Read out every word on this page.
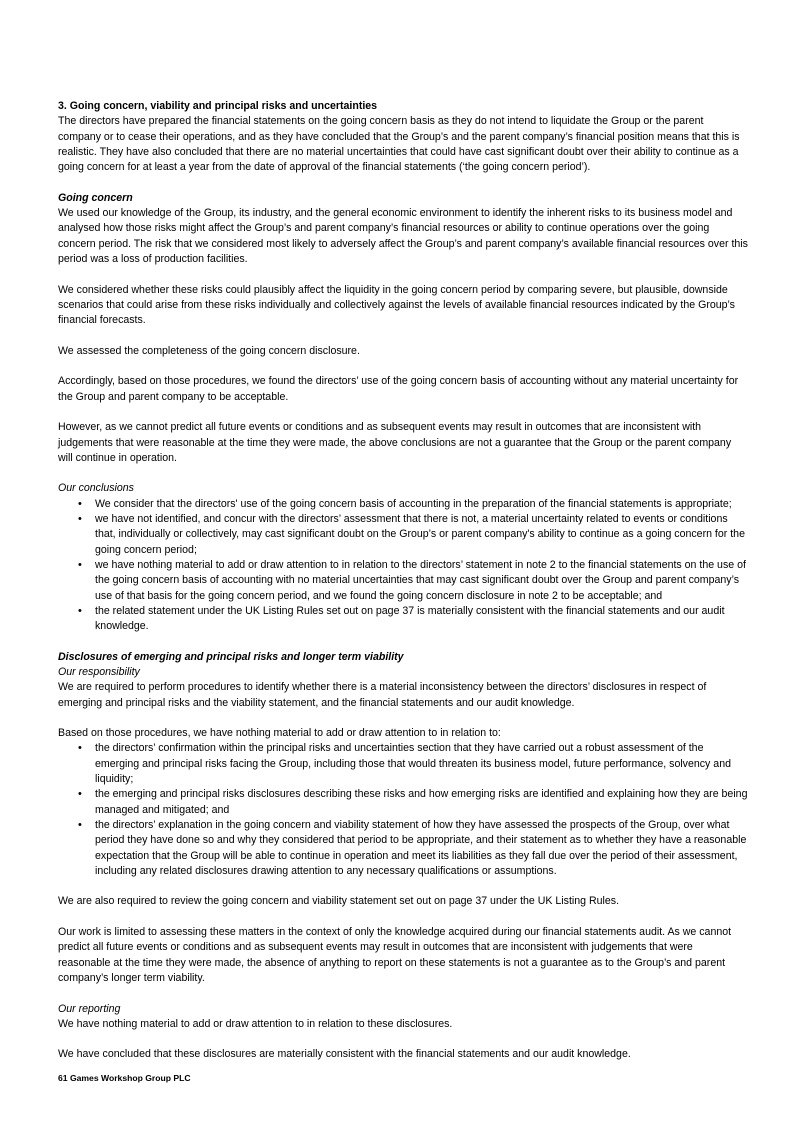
3. Going concern, viability and principal risks and uncertainties
The directors have prepared the financial statements on the going concern basis as they do not intend to liquidate the Group or the parent company or to cease their operations, and as they have concluded that the Group’s and the parent company’s financial position means that this is realistic. They have also concluded that there are no material uncertainties that could have cast significant doubt over their ability to continue as a going concern for at least a year from the date of approval of the financial statements (‘the going concern period’).

Going concern
We used our knowledge of the Group, its industry, and the general economic environment to identify the inherent risks to its business model and analysed how those risks might affect the Group’s and parent company’s financial resources or ability to continue operations over the going concern period. The risk that we considered most likely to adversely affect the Group’s and parent company’s available financial resources over this period was a loss of production facilities.

We considered whether these risks could plausibly affect the liquidity in the going concern period by comparing severe, but plausible, downside scenarios that could arise from these risks individually and collectively against the levels of available financial resources indicated by the Group’s financial forecasts.

We assessed the completeness of the going concern disclosure.

Accordingly, based on those procedures, we found the directors’ use of the going concern basis of accounting without any material uncertainty for the Group and parent company to be acceptable.

However, as we cannot predict all future events or conditions and as subsequent events may result in outcomes that are inconsistent with judgements that were reasonable at the time they were made, the above conclusions are not a guarantee that the Group or the parent company will continue in operation.

Our conclusions
• We consider that the directors' use of the going concern basis of accounting in the preparation of the financial statements is appropriate;
• we have not identified, and concur with the directors’ assessment that there is not, a material uncertainty related to events or conditions that, individually or collectively, may cast significant doubt on the Group’s or parent company's ability to continue as a going concern for the going concern period;
• we have nothing material to add or draw attention to in relation to the directors’ statement in note 2 to the financial statements on the use of the going concern basis of accounting with no material uncertainties that may cast significant doubt over the Group and parent company’s use of that basis for the going concern period, and we found the going concern disclosure in note 2 to be acceptable; and
• the related statement under the UK Listing Rules set out on page 37 is materially consistent with the financial statements and our audit knowledge.
Disclosures of emerging and principal risks and longer term viability
Our responsibility

We are required to perform procedures to identify whether there is a material inconsistency between the directors’ disclosures in respect of emerging and principal risks and the viability statement, and the financial statements and our audit knowledge.

Based on those procedures, we have nothing material to add or draw attention to in relation to:

• the directors’ confirmation within the principal risks and uncertainties section that they have carried out a robust assessment of the emerging and principal risks facing the Group, including those that would threaten its business model, future performance, solvency and liquidity;
• the emerging and principal risks disclosures describing these risks and how emerging risks are identified and explaining how they are being managed and mitigated; and
• the directors’ explanation in the going concern and viability statement of how they have assessed the prospects of the Group, over what period they have done so and why they considered that period to be appropriate, and their statement as to whether they have a reasonable expectation that the Group will be able to continue in operation and meet its liabilities as they fall due over the period of their assessment, including any related disclosures drawing attention to any necessary qualifications or assumptions.

We are also required to review the going concern and viability statement set out on page 37 under the UK Listing Rules.

Our work is limited to assessing these matters in the context of only the knowledge acquired during our financial statements audit. As we cannot predict all future events or conditions and as subsequent events may result in outcomes that are inconsistent with judgements that were reasonable at the time they were made, the absence of anything to report on these statements is not a guarantee as to the Group’s and parent company’s longer term viability.

Our reporting

We have nothing material to add or draw attention to in relation to these disclosures.

We have concluded that these disclosures are materially consistent with the financial statements and our audit knowledge.

61 Games Workshop Group PLC
